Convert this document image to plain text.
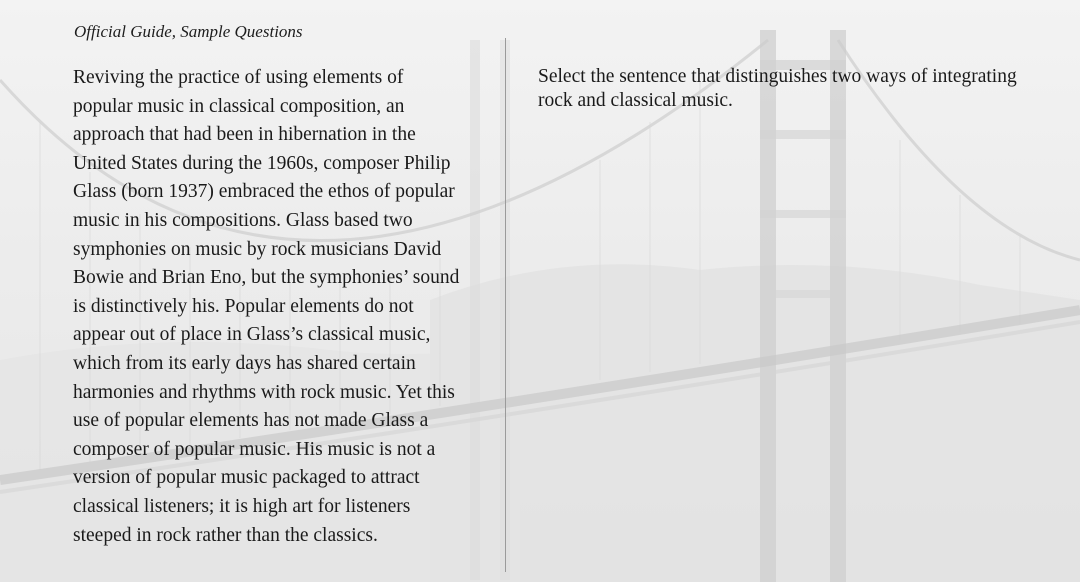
Official Guide, Sample Questions

Reviving the practice of using elements of
popular music in classical composition, an
approach that had been in hibernation in the
United States during the 1960s, composer Philip
Glass (born 1937) embraced the ethos of popular
music in his compositions. Glass based two
symphonies on music by rock musicians David
Bowie and Brian Eno, but the symphonies’ sound
is distinctively his. Popular elements do not
appear out of place in Glass’s classical music,
which from its early days has shared certain
harmonies and rhythms with rock music. Yet this
use of popular elements has not made Glass a
composer of popular music. His music is not a
version of popular music packaged to attract
classical listeners; it is high art for listeners
steeped in rock rather than the classics.

Select the sentence that distinguishes two ways of integrating
rock and classical music.
